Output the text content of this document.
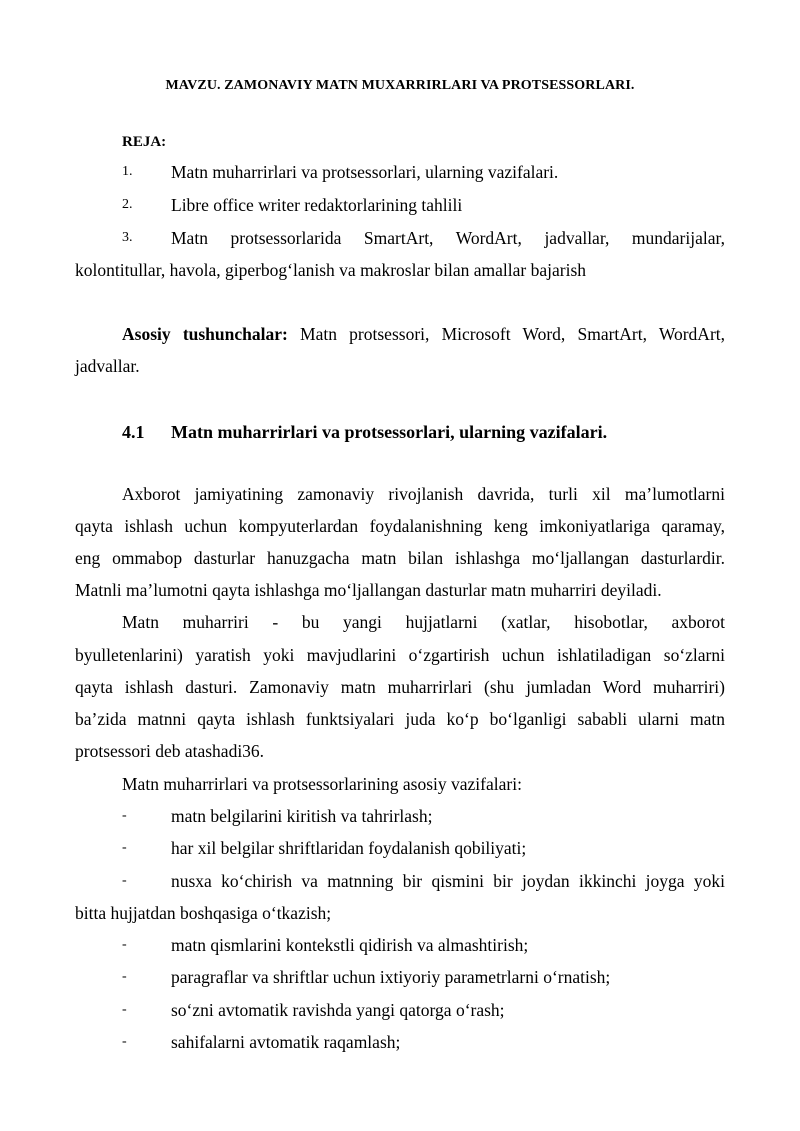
MAVZU. ZAMONAVIY MATN MUXARRIRLARI VA PROTSESSORLARI.
REJA:
1. Matn muharrirlari va protsessorlari, ularning vazifalari.
2. Libre office writer redaktorlarining tahlili
3. Matn protsessorlarida SmartArt, WordArt, jadvallar, mundarijalar,
kolontitullar, havola, giperbog‘lanish va makroslar bilan amallar bajarish
Asosiy tushunchalar: Matn protsessori, Microsoft Word, SmartArt, WordArt,
jadvallar.
4.1 Matn muharrirlari va protsessorlari, ularning vazifalari.
Axborot jamiyatining zamonaviy rivojlanish davrida, turli xil ma’lumotlarni
qayta ishlash uchun kompyuterlardan foydalanishning keng imkoniyatlariga qaramay,
eng ommabop dasturlar hanuzgacha matn bilan ishlashga mo‘ljallangan dasturlardir.
Matnli ma’lumotni qayta ishlashga mo‘ljallangan dasturlar matn muharriri deyiladi.
Matn muharriri - bu yangi hujjatlarni (xatlar, hisobotlar, axborot
byulletenlarini) yaratish yoki mavjudlarini o‘zgartirish uchun ishlatiladigan so‘zlarni
qayta ishlash dasturi. Zamonaviy matn muharrirlari (shu jumladan Word muharriri)
ba’zida matnni qayta ishlash funktsiyalari juda ko‘p bo‘lganligi sababli ularni matn
protsessori deb atashadi36.
Matn muharrirlari va protsessorlarining asosiy vazifalari:
-	matn belgilarini kiritish va tahrirlash;
-	har xil belgilar shriftlaridan foydalanish qobiliyati;
-	nusxa ko‘chirish va matnning bir qismini bir joydan ikkinchi joyga yoki
bitta hujjatdan boshqasiga o‘tkazish;
-	matn qismlarini kontekstli qidirish va almashtirish;
-	paragraflar va shriftlar uchun ixtiyoriy parametrlarni o‘rnatish;
-	so‘zni avtomatik ravishda yangi qatorga o‘rash;
-	sahifalarni avtomatik raqamlash;
